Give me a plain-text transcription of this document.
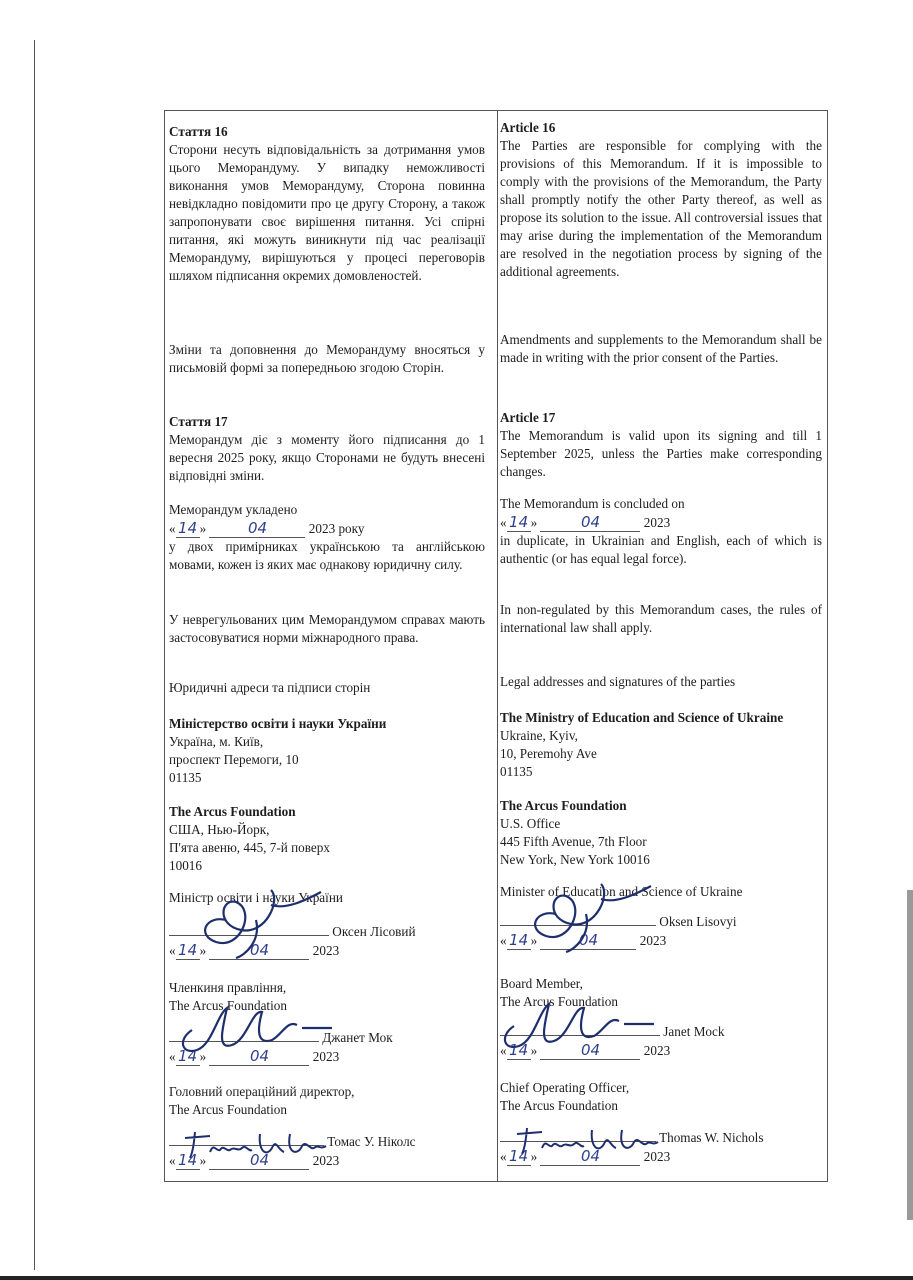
Стаття 16
Сторони несуть відповідальність за дотримання умов цього Меморандуму. У випадку неможливості виконання умов Меморандуму, Сторона повинна невідкладно повідомити про це другу Сторону, а також запропонувати своє вирішення питання. Усі спірні питання, які можуть виникнути під час реалізації Меморандуму, вирішуються у процесі переговорів шляхом підписання окремих домовленостей.
Зміни та доповнення до Меморандуму вносяться у письмовій формі за попередньою згодою Сторін.
Стаття 17
Меморандум діє з моменту його підписання до 1 вересня 2025 року, якщо Сторонами не будуть внесені відповідні зміни.
Меморандум укладено
« 14 »	04	2023 року
у двох примірниках українською та англійською мовами, кожен із яких має однакову юридичну силу.
У неврегульованих цим Меморандумом справах мають застосовуватися норми міжнародного права.
Юридичні адреси та підписи сторін
Міністерство освіти і науки України
Україна, м. Київ,
проспект Перемоги, 10
01135
The Arcus Foundation
США, Нью-Йорк,
П'ята авеню, 445, 7-й поверх
10016
Міністр освіти і науки України
Оксен Лісовий
« 14 »	04	2023
Членкиня правління,
The Arcus Foundation
Джанет Мок
« 14 »	04	2023
Головний операційний директор,
The Arcus Foundation
Томас У. Ніколс
« 14 »	04	2023
Article 16
The Parties are responsible for complying with the provisions of this Memorandum. If it is impossible to comply with the provisions of the Memorandum, the Party shall promptly notify the other Party thereof, as well as propose its solution to the issue. All controversial issues that may arise during the implementation of the Memorandum are resolved in the negotiation process by signing of the additional agreements.
Amendments and supplements to the Memorandum shall be made in writing with the prior consent of the Parties.
Article 17
The Memorandum is valid upon its signing and till 1 September 2025, unless the Parties make corresponding changes.
The Memorandum is concluded on
« 14 »	04	2023
in duplicate, in Ukrainian and English, each of which is authentic (or has equal legal force).
In non-regulated by this Memorandum cases, the rules of international law shall apply.
Legal addresses and signatures of the parties
The Ministry of Education and Science of Ukraine
Ukraine, Kyiv,
10, Peremohy Ave
01135
The Arcus Foundation
U.S. Office
445 Fifth Avenue, 7th Floor
New York, New York 10016
Minister of Education and Science of Ukraine
Oksen Lisovyi
« 14 »	04	2023
Board Member,
The Arcus Foundation
Janet Mock
« 14 »	04	2023
Chief Operating Officer,
The Arcus Foundation
Thomas W. Nichols
« 14 »	04	2023
